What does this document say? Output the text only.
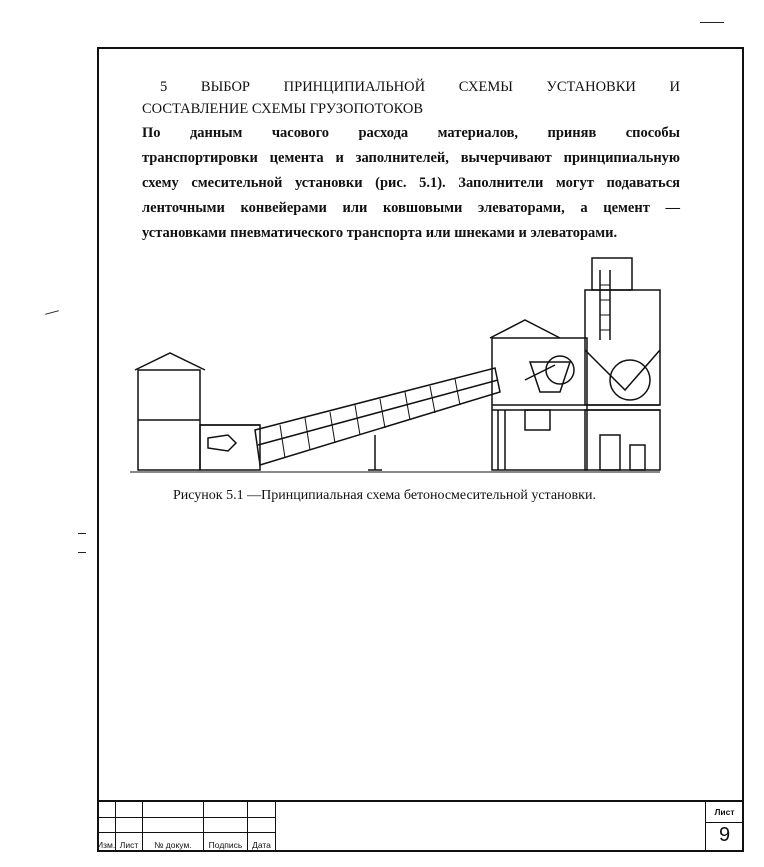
5 ВЫБОР ПРИНЦИПИАЛЬНОЙ СХЕМЫ УСТАНОВКИ И
СОСТАВЛЕНИЕ СХЕМЫ ГРУЗОПОТОКОВ
По данным часового расхода материалов, приняв способы
транспортировки цемента и заполнителей, вычерчивают принципиальную
схему смесительной установки (рис. 5.1). Заполнители могут подаваться
ленточными конвейерами или ковшовыми элеваторами, а цемент —
установками пневматического транспорта или шнеками и элеваторами.
Рисунок 5.1 —Принципиальная схема бетоносмесительной установки.
Изм. Лист	№ докум.	Подпись	Дата
Лист
9
